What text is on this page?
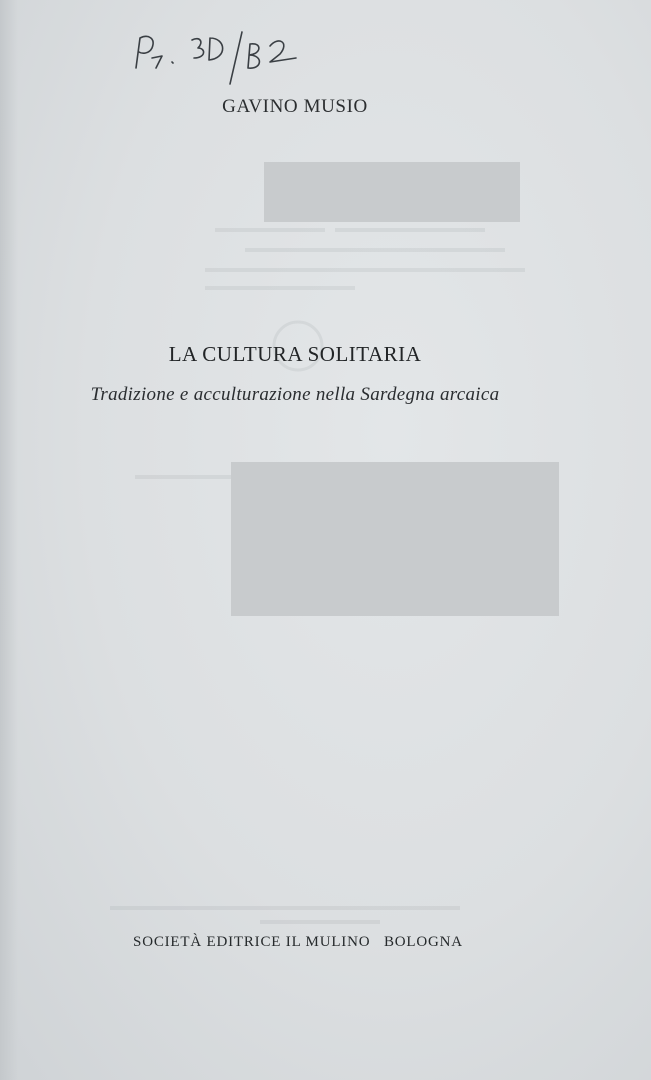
GAVINO MUSIO
LA CULTURA SOLITARIA
Tradizione e acculturazione nella Sardegna arcaica
SOCIETÀ EDITRICE IL MULINO   BOLOGNA
